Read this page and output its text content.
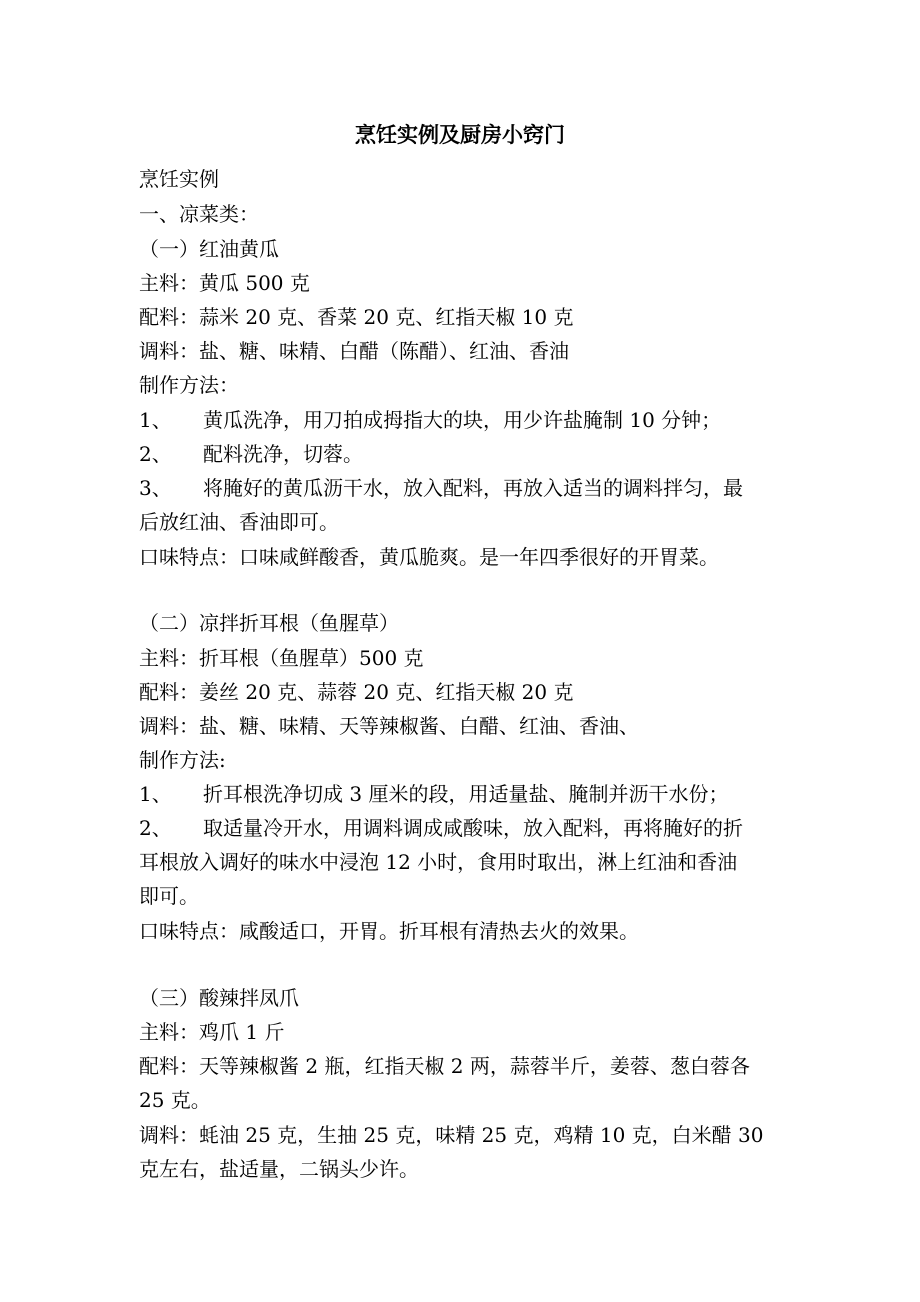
烹饪实例及厨房小窍门
烹饪实例
一、凉菜类：
（一）红油黄瓜
主料：黄瓜 500 克
配料：蒜米 20 克、香菜 20 克、红指天椒 10 克
调料：盐、糖、味精、白醋（陈醋）、红油、香油
制作方法：
1、 黄瓜洗净，用刀拍成拇指大的块，用少许盐腌制 10 分钟；
2、 配料洗净，切蓉。
3、 将腌好的黄瓜沥干水，放入配料，再放入适当的调料拌匀，最
后放红油、香油即可。
口味特点：口味咸鲜酸香，黄瓜脆爽。是一年四季很好的开胃菜。
（二）凉拌折耳根（鱼腥草）
主料：折耳根（鱼腥草）500 克
配料：姜丝 20 克、蒜蓉 20 克、红指天椒 20 克
调料：盐、糖、味精、天等辣椒酱、白醋、红油、香油、
制作方法:
1、 折耳根洗净切成 3 厘米的段，用适量盐、腌制并沥干水份；
2、 取适量冷开水，用调料调成咸酸味，放入配料，再将腌好的折
耳根放入调好的味水中浸泡 12 小时，食用时取出，淋上红油和香油
即可。
口味特点：咸酸适口，开胃。折耳根有清热去火的效果。
（三）酸辣拌凤爪
主料：鸡爪 1 斤
配料：天等辣椒酱 2 瓶，红指天椒 2 两，蒜蓉半斤，姜蓉、葱白蓉各
25 克。
调料：蚝油 25 克，生抽 25 克，味精 25 克，鸡精 10 克，白米醋 30
克左右，盐适量，二锅头少许。
